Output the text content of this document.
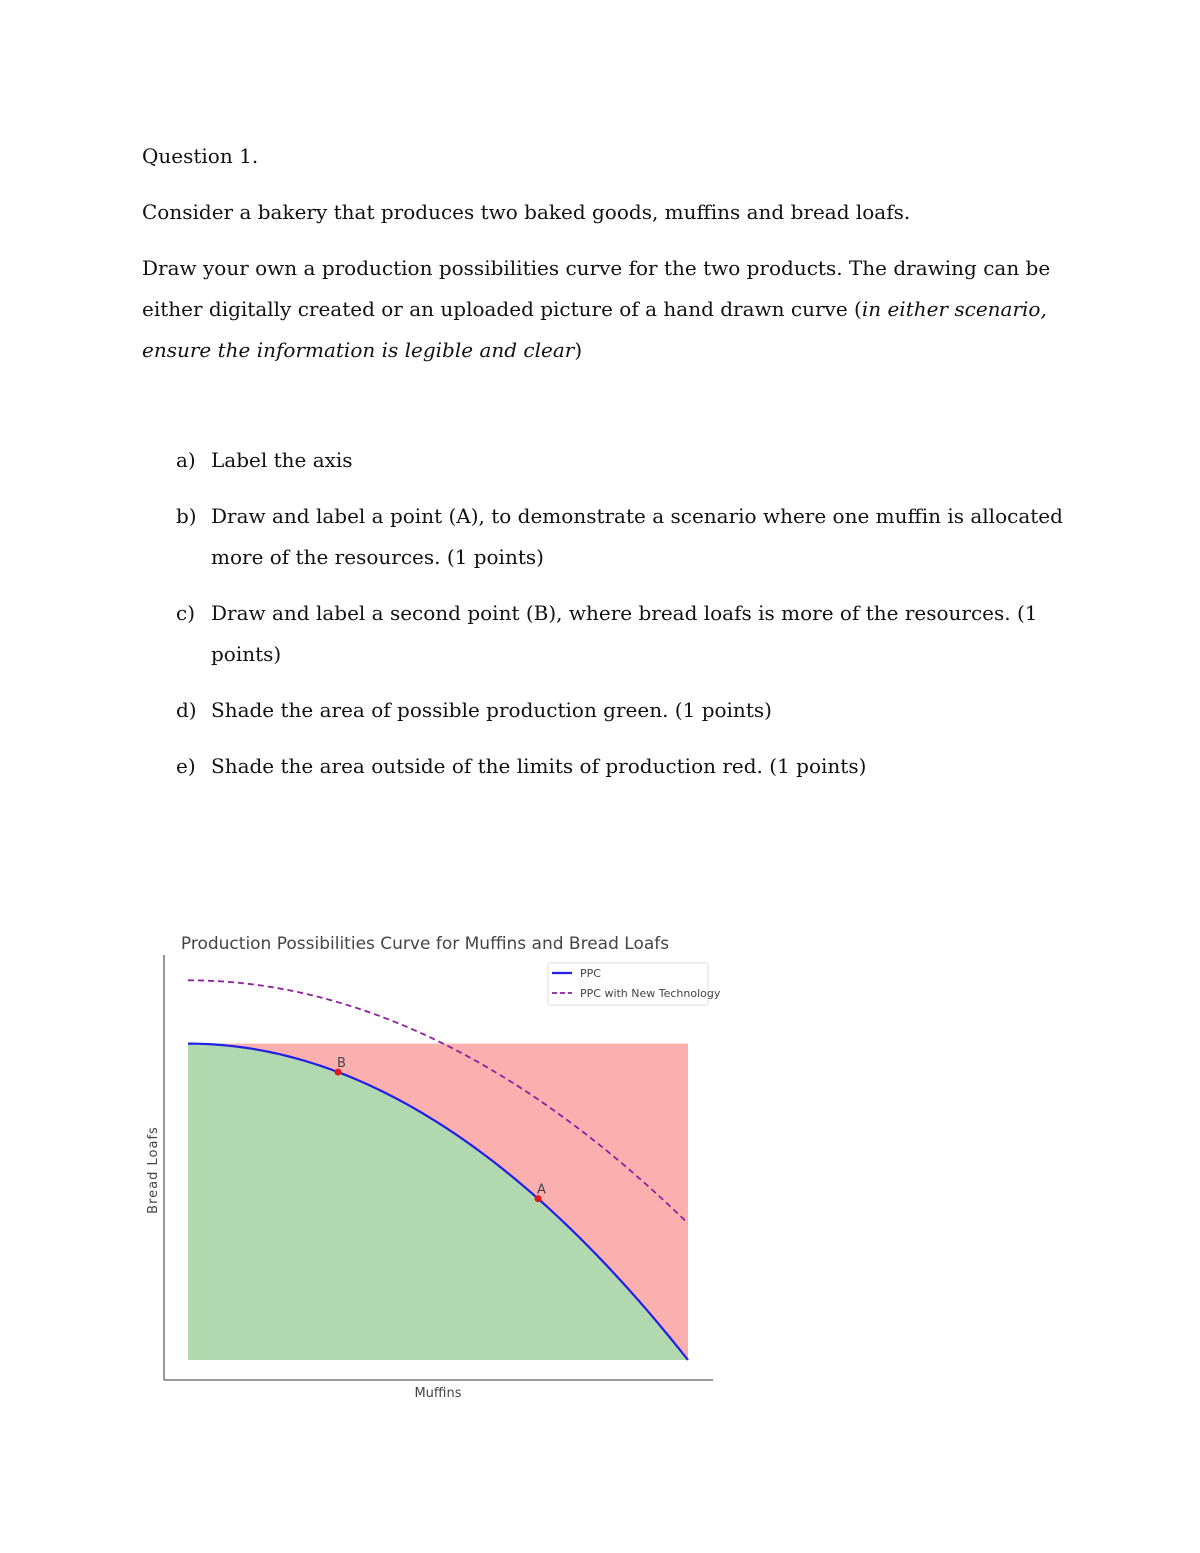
Question 1.

Consider a bakery that produces two baked goods, muffins and bread loafs.

Draw your own a production possibilities curve for the two products. The drawing can be either digitally created or an uploaded picture of a hand drawn curve (in either scenario, ensure the information is legible and clear)

a) Label the axis
b) Draw and label a point (A), to demonstrate a scenario where one muffin is allocated more of the resources. (1 points)
c) Draw and label a second point (B), where bread loafs is more of the resources. (1 points)
d) Shade the area of possible production green. (1 points)
e) Shade the area outside of the limits of production red. (1 points)
Production Possibilities Curve for Muffins and Bread Loafs
B
A
PPC
PPC with New Technology
Muffins
Bread Loafs
